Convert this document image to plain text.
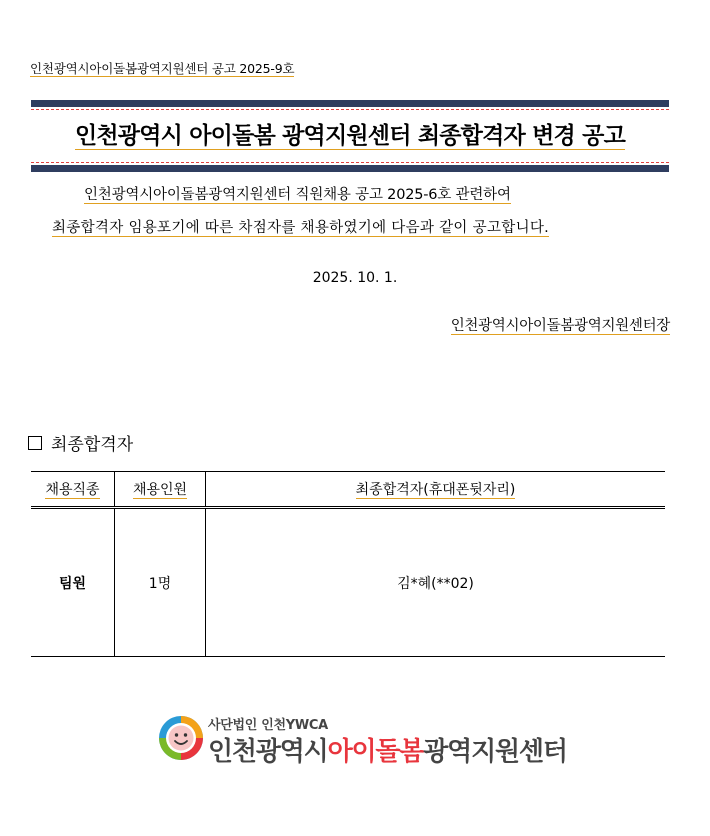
인천광역시아이돌봄광역지원센터 공고 2025-9호
인천광역시 아이돌봄 광역지원센터 최종합격자 변경 공고
인천광역시아이돌봄광역지원센터 직원채용 공고 2025-6호 관련하여
최종합격자 임용포기에 따른 차점자를 채용하였기에 다음과 같이 공고합니다.
2025. 10. 1.
인천광역시아이돌봄광역지원센터장
최종합격자
채용직종	채용인원	최종합격자(휴대폰뒷자리)
팀원	1명	김*혜(**02)
사단법인 인천YWCA
인천광역시아이돌봄광역지원센터
